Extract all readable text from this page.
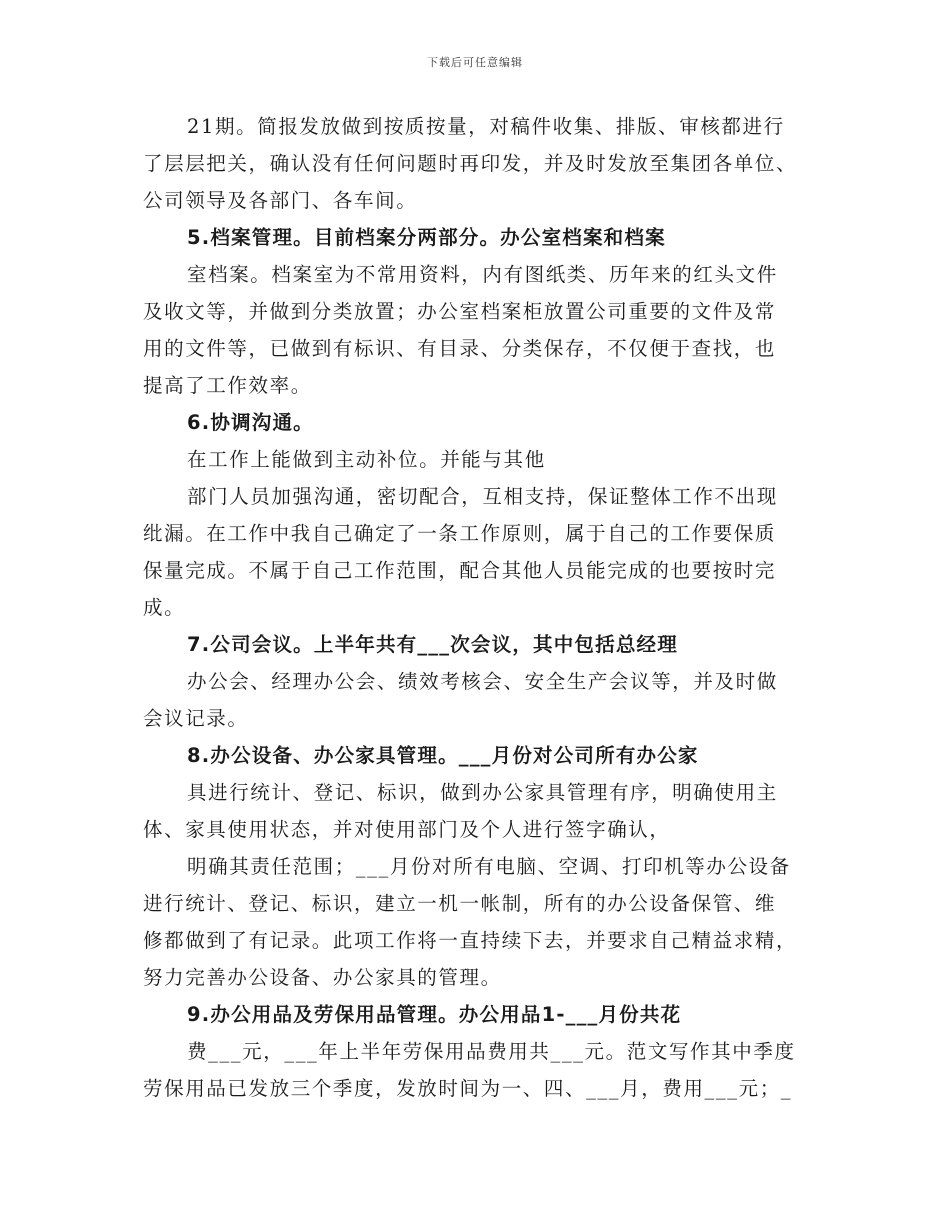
下载后可任意编辑
21期。简报发放做到按质按量，对稿件收集、排版、审核都进行
了层层把关，确认没有任何问题时再印发，并及时发放至集团各单位、
公司领导及各部门、各车间。
5.档案管理。目前档案分两部分。办公室档案和档案
室档案。档案室为不常用资料，内有图纸类、历年来的红头文件
及收文等，并做到分类放置；办公室档案柜放置公司重要的文件及常
用的文件等，已做到有标识、有目录、分类保存，不仅便于查找，也
提高了工作效率。
6.协调沟通。
在工作上能做到主动补位。并能与其他
部门人员加强沟通，密切配合，互相支持，保证整体工作不出现
纰漏。在工作中我自己确定了一条工作原则，属于自己的工作要保质
保量完成。不属于自己工作范围，配合其他人员能完成的也要按时完
成。
7.公司会议。上半年共有___次会议，其中包括总经理
办公会、经理办公会、绩效考核会、安全生产会议等，并及时做
会议记录。
8.办公设备、办公家具管理。___月份对公司所有办公家
具进行统计、登记、标识，做到办公家具管理有序，明确使用主
体、家具使用状态，并对使用部门及个人进行签字确认，
明确其责任范围；___月份对所有电脑、空调、打印机等办公设备
进行统计、登记、标识，建立一机一帐制，所有的办公设备保管、维
修都做到了有记录。此项工作将一直持续下去，并要求自己精益求精，
努力完善办公设备、办公家具的管理。
9.办公用品及劳保用品管理。办公用品1-___月份共花
费___元，___年上半年劳保用品费用共___元。范文写作其中季度
劳保用品已发放三个季度，发放时间为一、四、___月，费用___元；_
